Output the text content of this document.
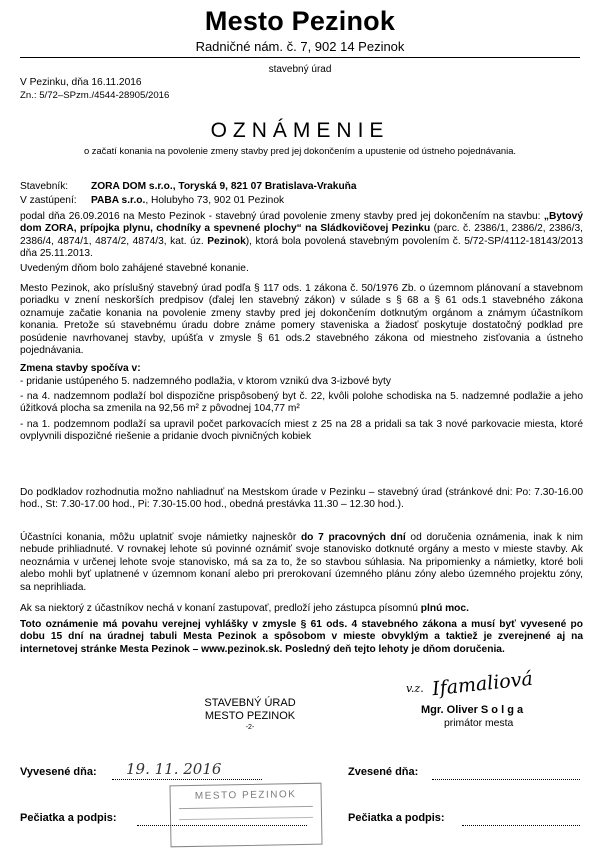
Mesto Pezinok
Radničné nám. č. 7, 902 14 Pezinok
stavebný úrad
V Pezinku, dňa 16.11.2016
Zn.: 5/72–SPzm./4544-28905/2016
OZNÁMENIE
o začatí konania na povolenie zmeny stavby pred jej dokončením a upustenie od ústneho pojednávania.
Stavebník: ZORA DOM s.r.o., Toryská 9, 821 07 Bratislava-Vrakuňa
V zastúpení: PABA s.r.o., Holubyho 73, 902 01 Pezinok
podal dňa 26.09.2016 na Mesto Pezinok - stavebný úrad povolenie zmeny stavby pred jej dokončením na stavbu: „Bytový dom ZORA, prípojka plynu, chodníky a spevnené plochy“ na Sládkovičovej Pezinku (parc. č. 2386/1, 2386/2, 2386/3, 2386/4, 4874/1, 4874/2, 4874/3, kat. úz. Pezinok), ktorá bola povolená stavebným povolením č. 5/72-SP/4112-18143/2013 dňa 25.11.2013.
Uvedeným dňom bolo zahájené stavebné konanie.
Mesto Pezinok, ako príslušný stavebný úrad podľa § 117 ods. 1 zákona č. 50/1976 Zb. o územnom plánovaní a stavebnom poriadku v znení neskorších predpisov (ďalej len stavebný zákon) v súlade s § 68 a § 61 ods.1 stavebného zákona oznamuje začatie konania na povolenie zmeny stavby pred jej dokončením dotknutým orgánom a známym účastníkom konania. Pretože sú stavebnému úradu dobre známe pomery staveniska a žiadosť poskytuje dostatočný podklad pre posúdenie navrhovanej stavby, upúšťa v zmysle § 61 ods.2 stavebného zákona od miestneho zisťovania a ústneho pojednávania.
Zmena stavby spočíva v:
- pridanie ustúpeného 5. nadzemného podlažia, v ktorom vznikú dva 3-izbové byty
- na 4. nadzemnom podlaží bol dispozične prispôsobený byt č. 22, kvôli polohe schodiska na 5. nadzemné podlažie a jeho úžitková plocha sa zmenila na 92,56 m² z pôvodnej 104,77 m²
- na 1. podzemnom podlaží sa upravil počet parkovacích miest z 25 na 28 a pridali sa tak 3 nové parkovacie miesta, ktoré ovplyvnili dispozičné riešenie a pridanie dvoch pivničných kobiek
Do podkladov rozhodnutia možno nahliadnuť na Mestskom úrade v Pezinku – stavebný úrad (stránkové dni: Po: 7.30-16.00 hod., St: 7.30-17.00 hod., Pi: 7.30-15.00 hod., obedná prestávka 11.30 – 12.30 hod.).
Účastníci konania, môžu uplatniť svoje námietky najneskôr do 7 pracovných dní od doručenia oznámenia, inak k nim nebude prihliadnuté. V rovnakej lehote sú povinné oznámiť svoje stanovisko dotknuté orgány a mesto v mieste stavby. Ak neoznámia v určenej lehote svoje stanovisko, má sa za to, že so stavbou súhlasia. Na pripomienky a námietky, ktoré boli alebo mohli byť uplatnené v územnom konaní alebo pri prerokovaní územného plánu zóny alebo územného projektu zóny, sa neprihliada.
Ak sa niektorý z účastníkov nechá v konaní zastupovať, predloží jeho zástupca písomnú plnú moc.
Toto oznámenie má povahu verejnej vyhlášky v zmysle § 61 ods. 4 stavebného zákona a musí byť vyvesené po dobu 15 dní na úradnej tabuli Mesta Pezinok a spôsobom v mieste obvyklým a taktiež je zverejnené aj na internetovej stránke Mesta Pezinok – www.pezinok.sk. Posledný deň tejto lehoty je dňom doručenia.
STAVEBNÝ ÚRAD
MESTO PEZINOK
-2-
v.z. Ifamaliová
Mgr. Oliver S o l g a
primátor mesta
Vyvesené dňa: 19. 11. 2016	Zvesené dňa:
Pečiatka a podpis:	Pečiatka a podpis:
MESTO PEZINOK
